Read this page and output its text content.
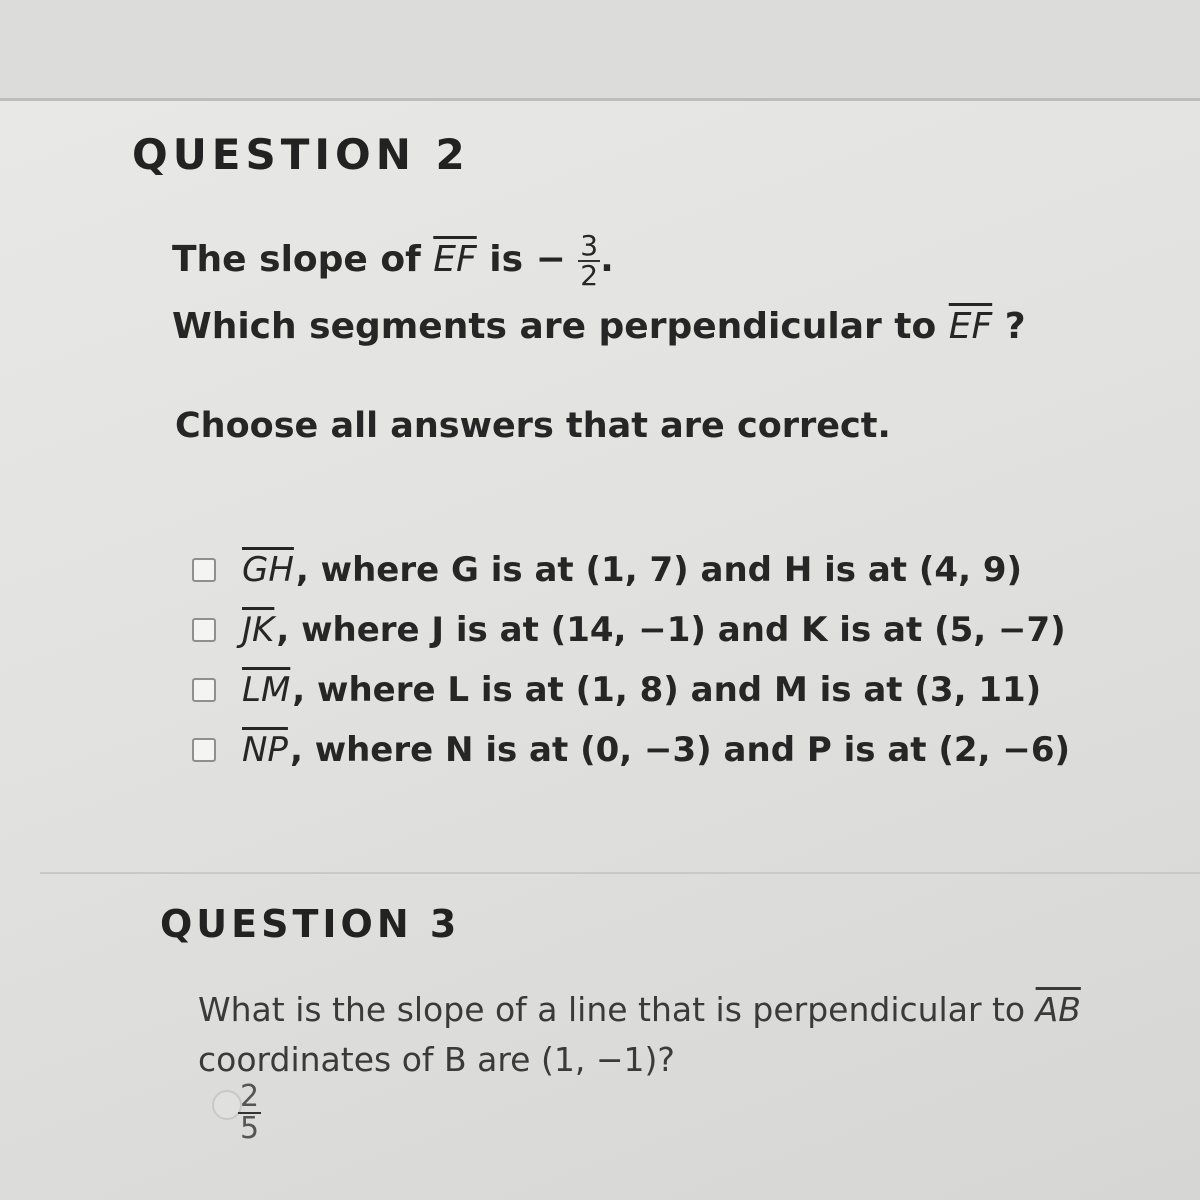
QUESTION 2
The slope of $\overline{EF}$ is − $\frac{3}{2}$ .
Which segments are perpendicular to $\overline{EF}$ ?
Choose all answers that are correct.
$\overline{GH}$ , where G is at (1, 7) and H is at (4, 9)
$\overline{JK}$ , where J is at (14, −1) and K is at (5, −7)
$\overline{LM}$ , where L is at (1, 8) and M is at (3, 11)
$\overline{NP}$ , where N is at (0, −3) and P is at (2, −6)
QUESTION 3
What is the slope of a line that is perpendicular to $\overline{AB}$
coordinates of B are (1, −1)?
$\frac{2}{5}$
